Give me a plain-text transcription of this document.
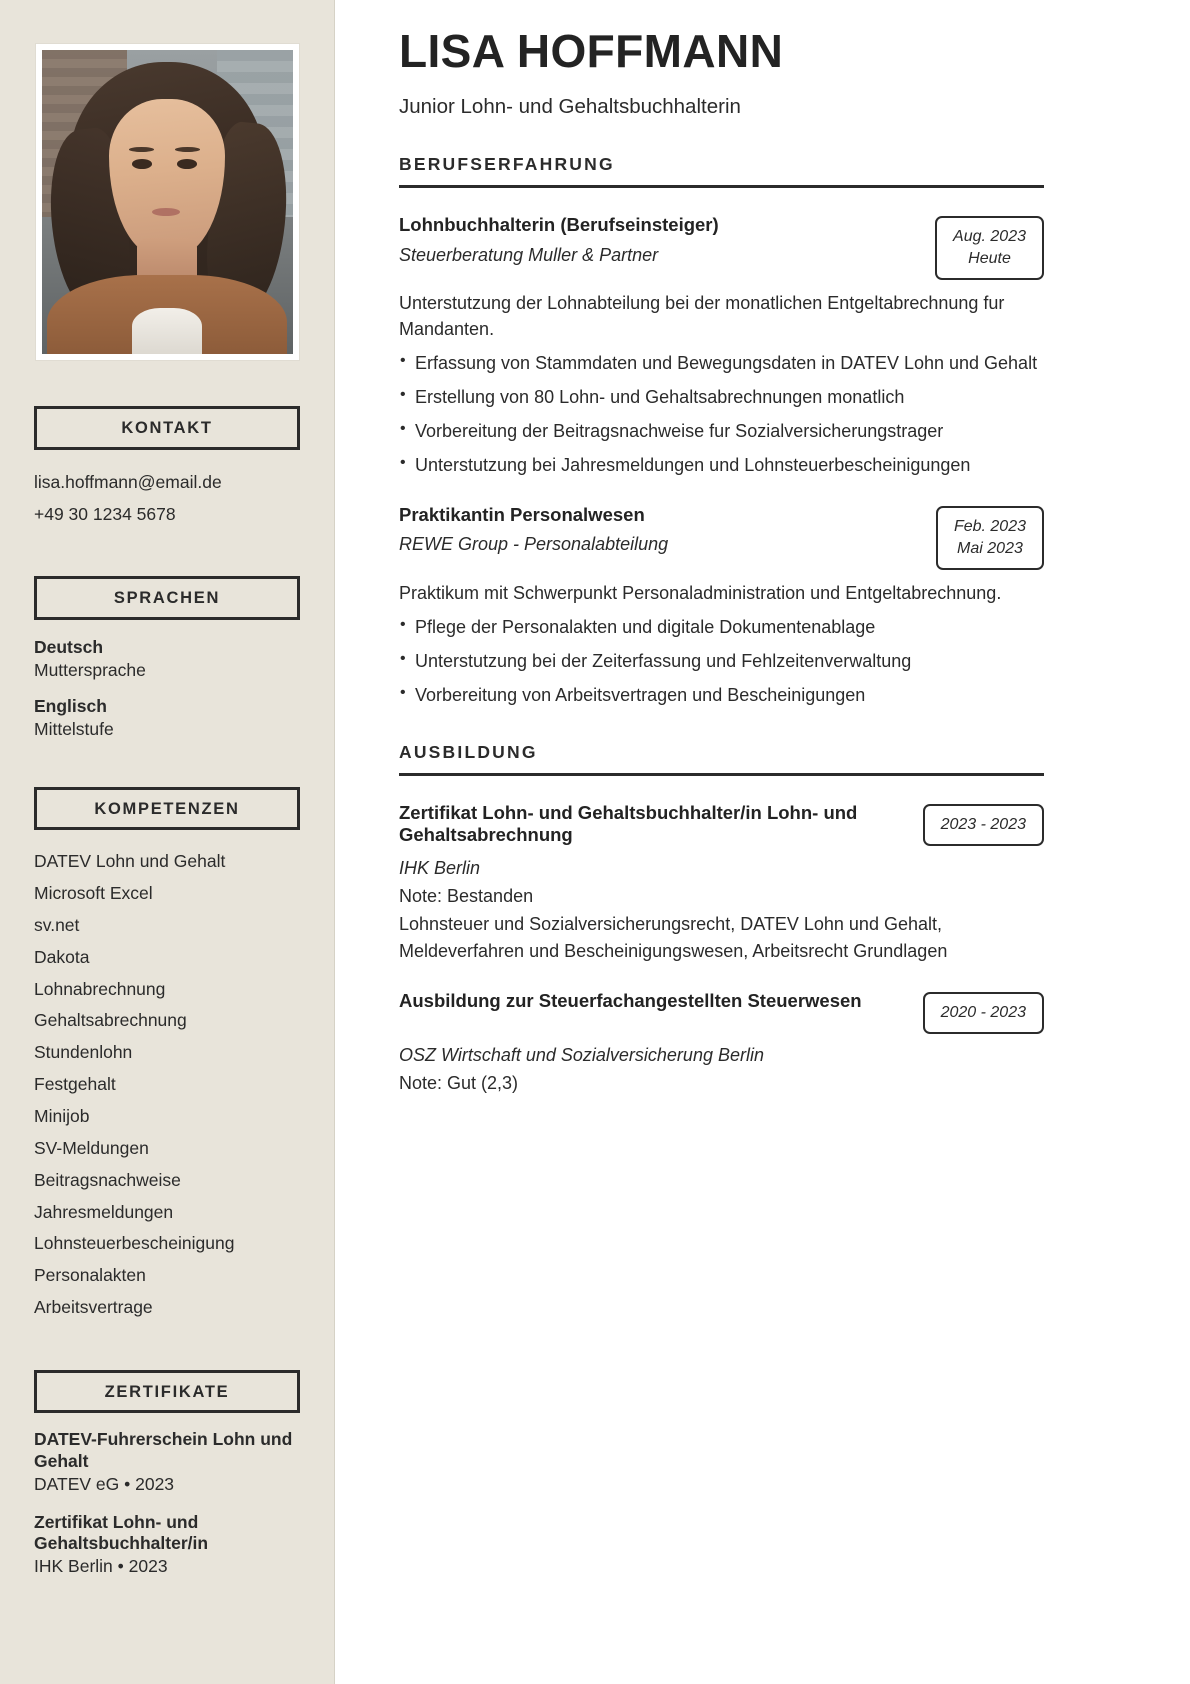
KONTAKT
lisa.hoffmann@email.de
+49 30 1234 5678
SPRACHEN
Deutsch
Muttersprache
Englisch
Mittelstufe
KOMPETENZEN
DATEV Lohn und Gehalt
Microsoft Excel
sv.net
Dakota
Lohnabrechnung
Gehaltsabrechnung
Stundenlohn
Festgehalt
Minijob
SV-Meldungen
Beitragsnachweise
Jahresmeldungen
Lohnsteuerbescheinigung
Personalakten
Arbeitsvertrage
ZERTIFIKATE
DATEV-Fuhrerschein Lohn und Gehalt
DATEV eG • 2023
Zertifikat Lohn- und Gehaltsbuchhalter/in
IHK Berlin • 2023
LISA HOFFMANN
Junior Lohn- und Gehaltsbuchhalterin
BERUFSERFAHRUNG
Lohnbuchhalterin (Berufseinsteiger)
Steuerberatung Muller & Partner
Aug. 2023
Heute
Unterstutzung der Lohnabteilung bei der monatlichen Entgeltabrechnung fur Mandanten.
• Erfassung von Stammdaten und Bewegungsdaten in DATEV Lohn und Gehalt
• Erstellung von 80 Lohn- und Gehaltsabrechnungen monatlich
• Vorbereitung der Beitragsnachweise fur Sozialversicherungstrager
• Unterstutzung bei Jahresmeldungen und Lohnsteuerbescheinigungen
Praktikantin Personalwesen
REWE Group - Personalabteilung
Feb. 2023
Mai 2023
Praktikum mit Schwerpunkt Personaladministration und Entgeltabrechnung.
• Pflege der Personalakten und digitale Dokumentenablage
• Unterstutzung bei der Zeiterfassung und Fehlzeitenverwaltung
• Vorbereitung von Arbeitsvertragen und Bescheinigungen
AUSBILDUNG
Zertifikat Lohn- und Gehaltsbuchhalter/in Lohn- und Gehaltsabrechnung
2023 - 2023
IHK Berlin
Note: Bestanden
Lohnsteuer und Sozialversicherungsrecht, DATEV Lohn und Gehalt,
Meldeverfahren und Bescheinigungswesen, Arbeitsrecht Grundlagen
Ausbildung zur Steuerfachangestellten Steuerwesen
2020 - 2023
OSZ Wirtschaft und Sozialversicherung Berlin
Note: Gut (2,3)
